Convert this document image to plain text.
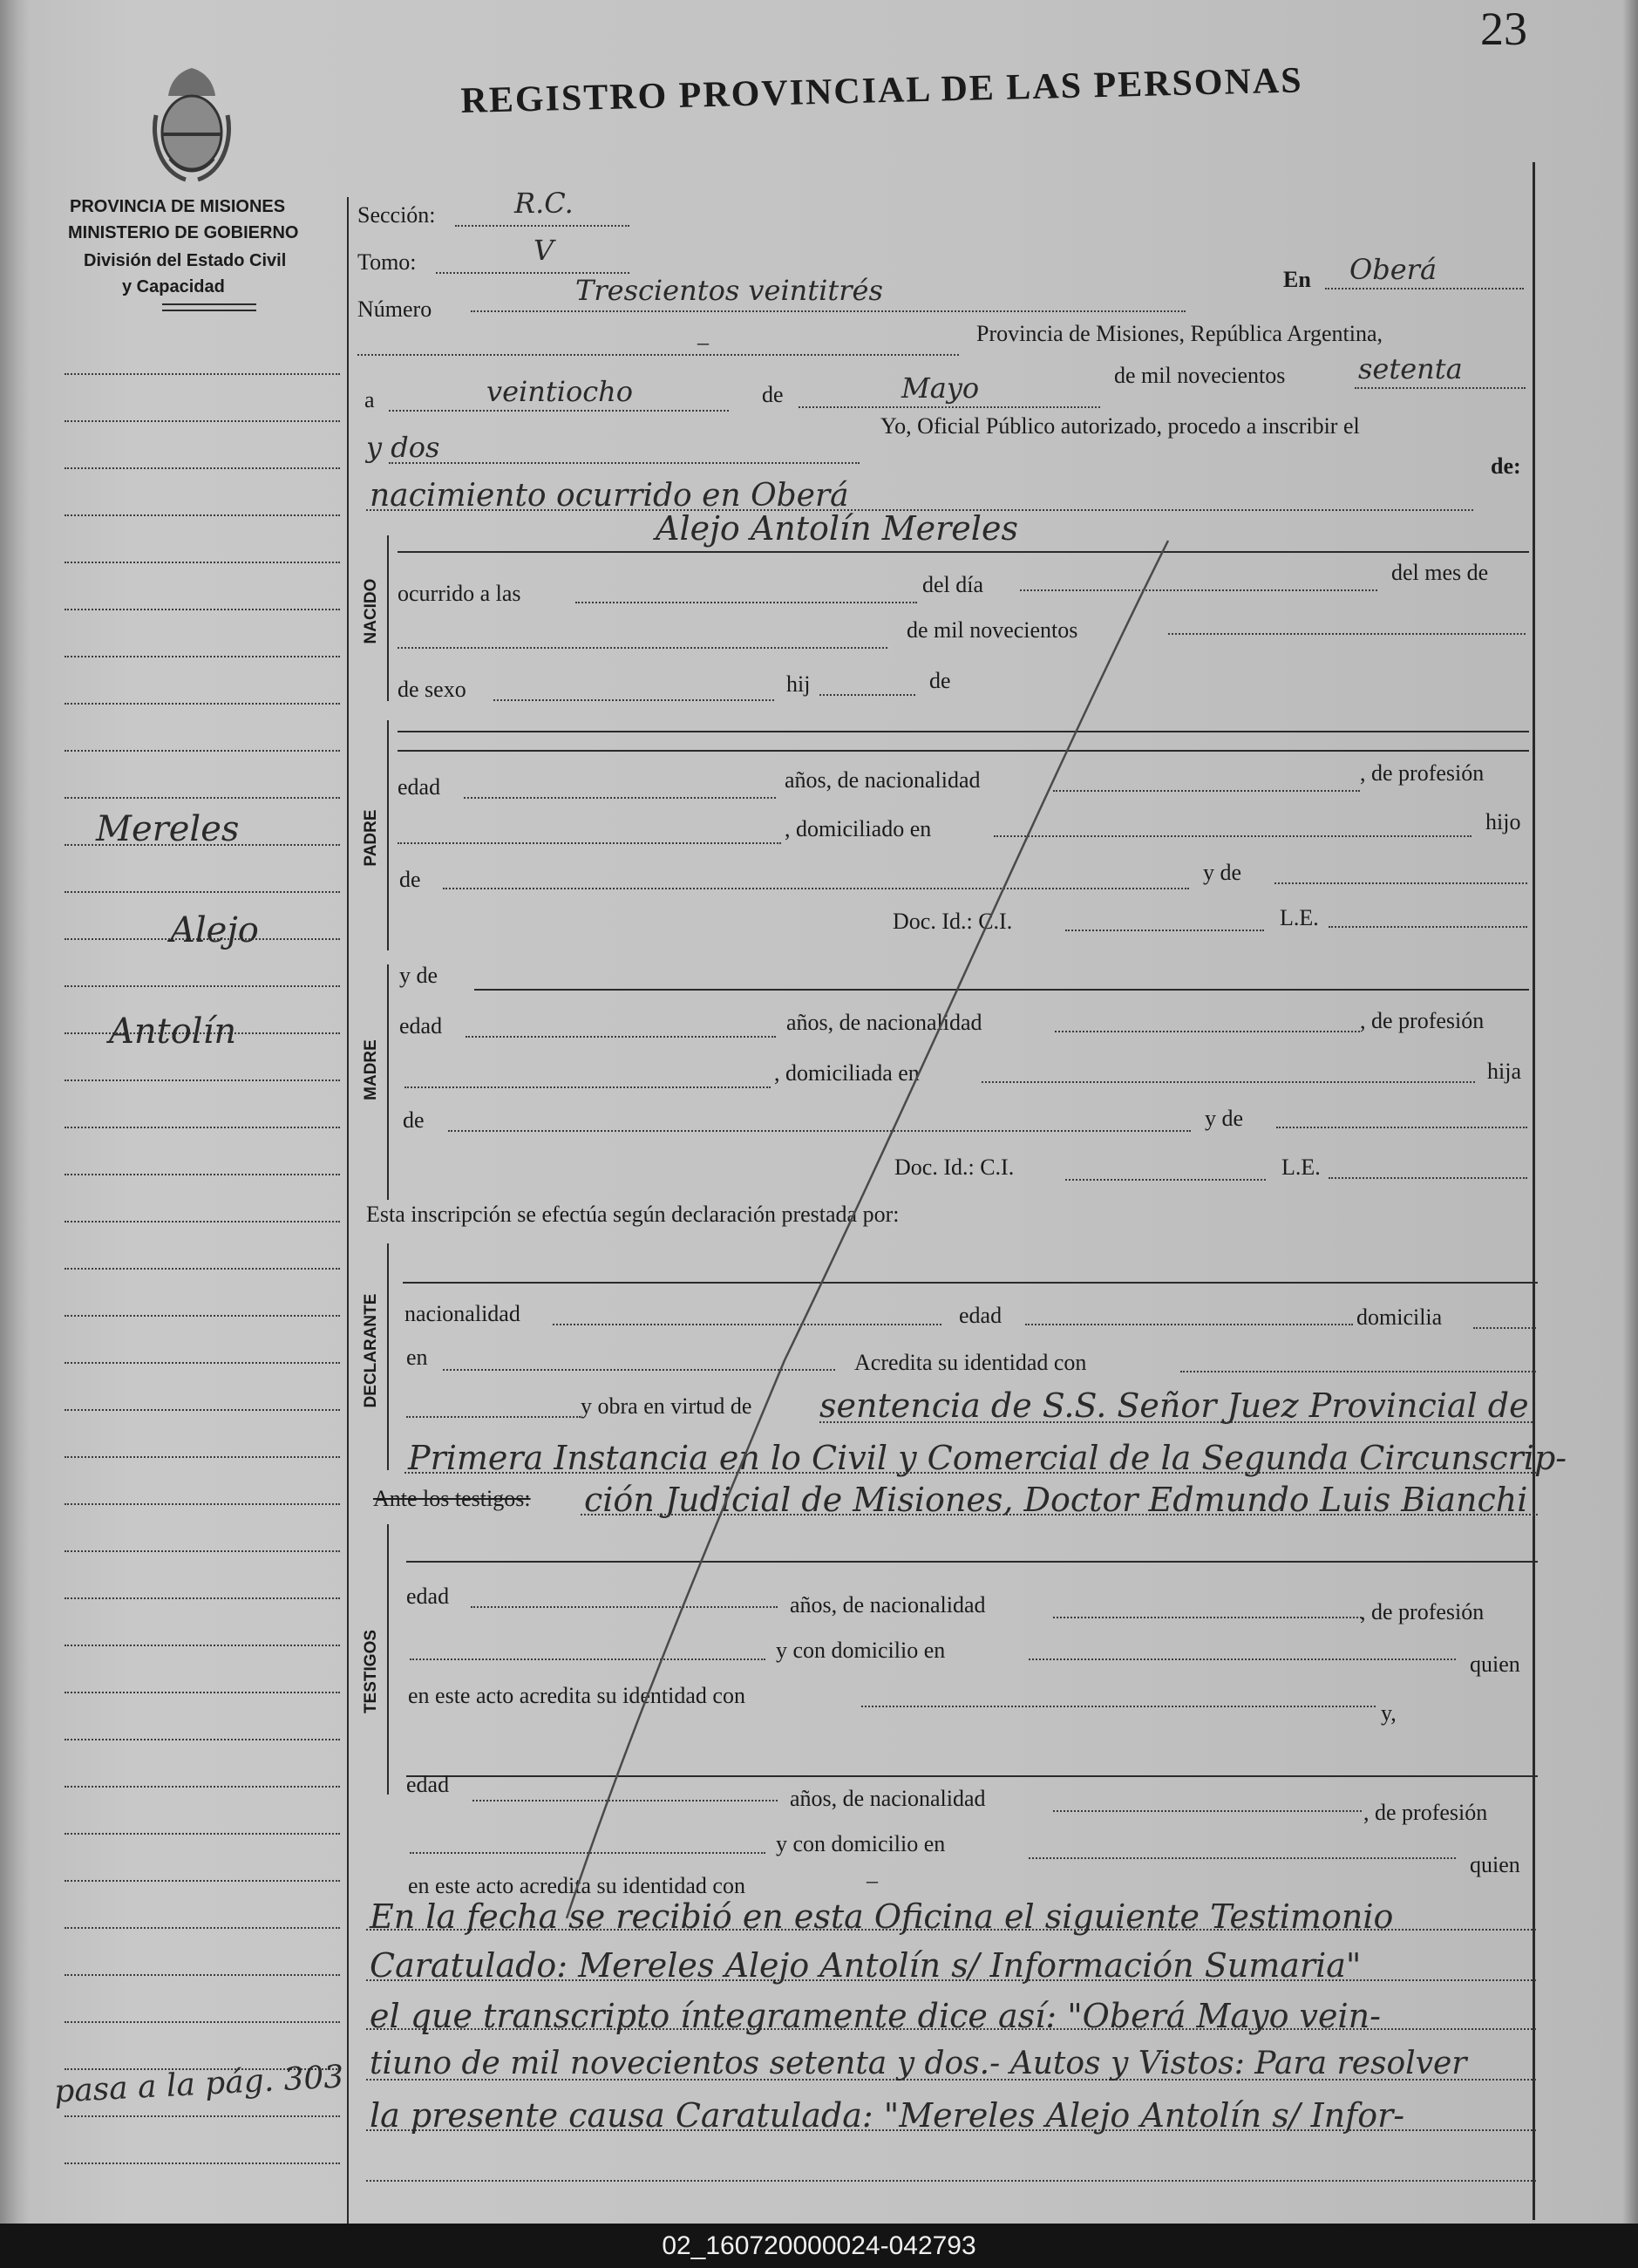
23
PROVINCIA DE MISIONES
MINISTERIO DE GOBIERNO
División del Estado Civil
y Capacidad
REGISTRO PROVINCIAL DE LAS PERSONAS
Mereles
Alejo
Antolín
pasa a la pág. 303
Sección:	R.C.
Tomo:	V
Número
Trescientos veintitrés	En Oberá
–	Provincia de Misiones, República Argentina,
a	veintiocho	de	Mayo	de mil novecientos	setenta
y dos
Yo, Oficial Público autorizado, procedo a inscribir el
nacimiento ocurrido en Oberá
de:
NACIDO
Alejo Antolín Mereles
ocurrido a las	del día	del mes de
de mil novecientos
de sexo	hij	de
PADRE
edad	años, de nacionalidad	, de profesión
, domiciliado en	hijo
de	y de
Doc. Id.: C.I.	L.E.
MADRE
y de
edad	años, de nacionalidad	, de profesión
, domiciliada en	hija
de	y de
Doc. Id.: C.I.	L.E.
Esta inscripción se efectúa según declaración prestada por:
DECLARANTE nacionalidad	edad	domicilia
en	Acredita su identidad con
y obra en virtud de sentencia de S.S. Señor Juez Provincial de
Primera Instancia en lo Civil y Comercial de la Segunda Circunscrip-
Ante los testigos: ción Judicial de Misiones, Doctor Edmundo Luis Bianchi
TESTIGOS
edad	años, de nacionalidad	, de profesión
y con domicilio en
quien
en este acto acredita su identidad con
y,
edad
años, de nacionalidad
, de profesión
y con domicilio en
quien
en este acto acredita su identidad con	–
En la fecha se recibió en esta Oficina el siguiente Testimonio
Caratulado: Mereles Alejo Antolín s/ Información Sumaria"
el que transcripto íntegramente dice así: "Oberá Mayo vein-
tiuno de mil novecientos setenta y dos.- Autos y Vistos: Para resolver
la presente causa Caratulada: "Mereles Alejo Antolín s/ Infor-
02_160720000024-042793
